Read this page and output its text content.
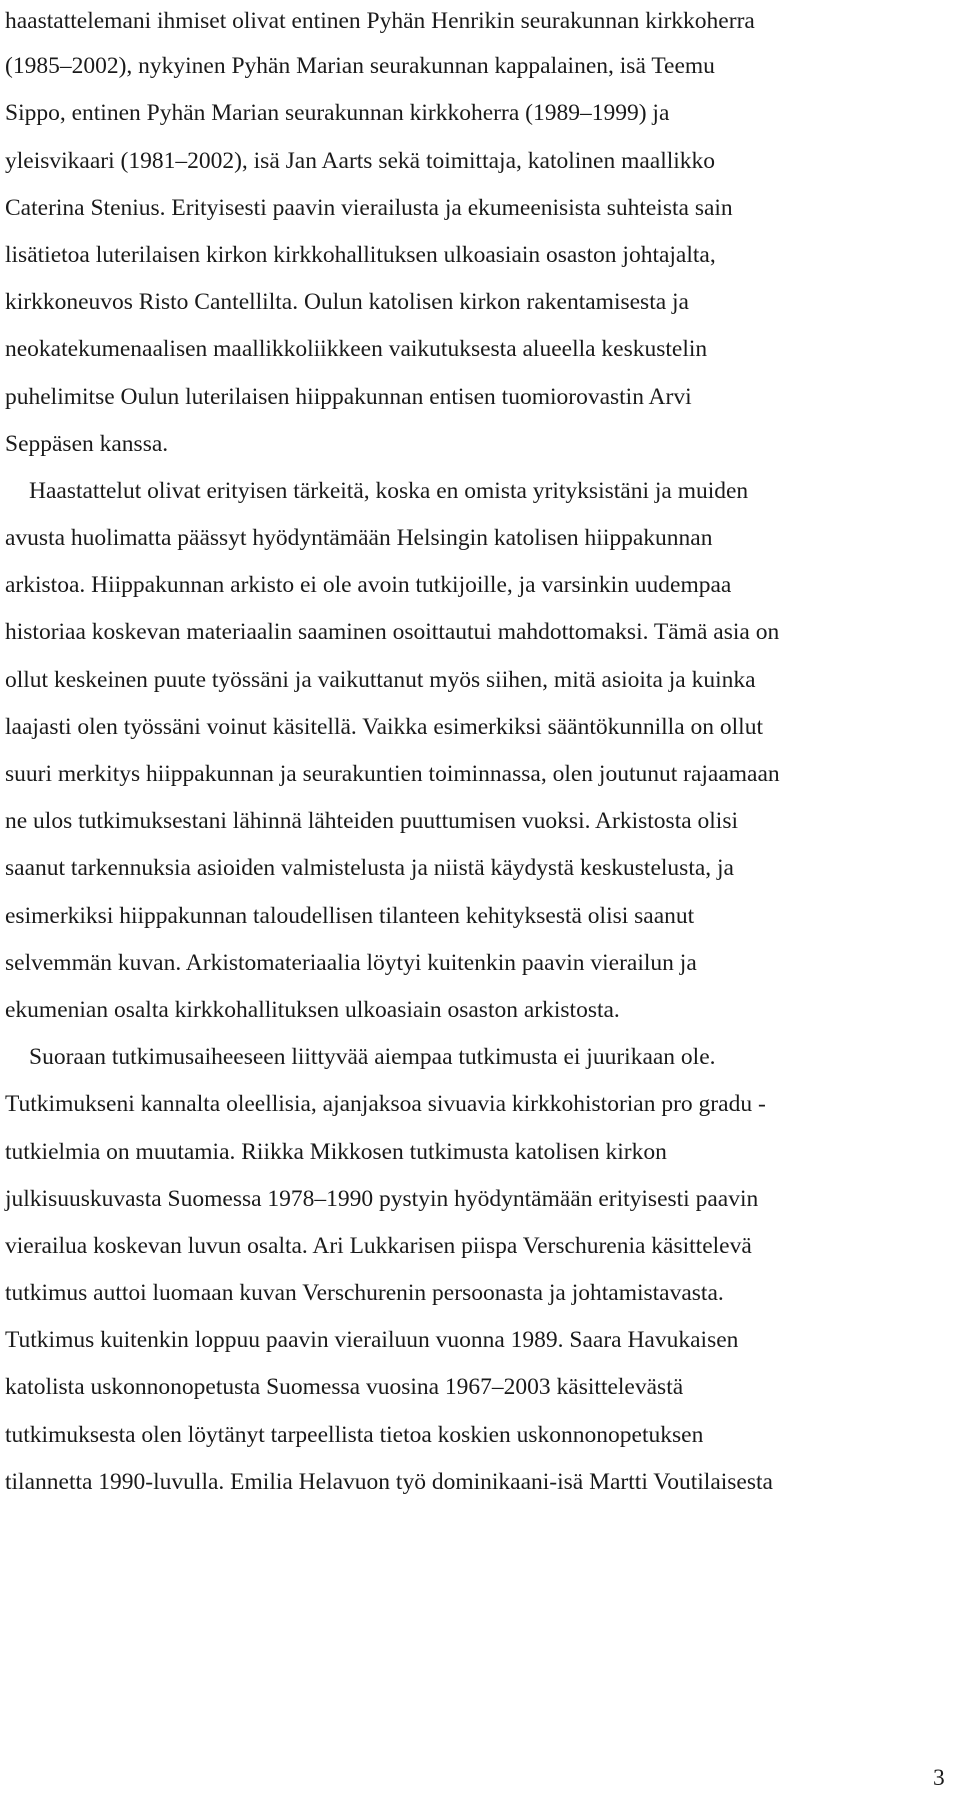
haastattelemani ihmiset olivat entinen Pyhän Henrikin seurakunnan kirkkoherra
(1985–2002), nykyinen Pyhän Marian seurakunnan kappalainen, isä Teemu
Sippo, entinen Pyhän Marian seurakunnan kirkkoherra (1989–1999) ja
yleisvikaari (1981–2002), isä Jan Aarts sekä toimittaja, katolinen maallikko
Caterina Stenius. Erityisesti paavin vierailusta ja ekumeenisista suhteista sain
lisätietoa luterilaisen kirkon kirkkohallituksen ulkoasiain osaston johtajalta,
kirkkoneuvos Risto Cantellilta. Oulun katolisen kirkon rakentamisesta ja
neokatekumenaalisen maallikkoliikkeen vaikutuksesta alueella keskustelin
puhelimitse Oulun luterilaisen hiippakunnan entisen tuomiorovastin Arvi
Seppäsen kanssa.
Haastattelut olivat erityisen tärkeitä, koska en omista yrityksistäni ja muiden
avusta huolimatta päässyt hyödyntämään Helsingin katolisen hiippakunnan
arkistoa. Hiippakunnan arkisto ei ole avoin tutkijoille, ja varsinkin uudempaa
historiaa koskevan materiaalin saaminen osoittautui mahdottomaksi. Tämä asia on
ollut keskeinen puute työssäni ja vaikuttanut myös siihen, mitä asioita ja kuinka
laajasti olen työssäni voinut käsitellä. Vaikka esimerkiksi sääntökunnilla on ollut
suuri merkitys hiippakunnan ja seurakuntien toiminnassa, olen joutunut rajaamaan
ne ulos tutkimuksestani lähinnä lähteiden puuttumisen vuoksi. Arkistosta olisi
saanut tarkennuksia asioiden valmistelusta ja niistä käydystä keskustelusta, ja
esimerkiksi hiippakunnan taloudellisen tilanteen kehityksestä olisi saanut
selvemmän kuvan. Arkistomateriaalia löytyi kuitenkin paavin vierailun ja
ekumenian osalta kirkkohallituksen ulkoasiain osaston arkistosta.
Suoraan tutkimusaiheeseen liittyvää aiempaa tutkimusta ei juurikaan ole.
Tutkimukseni kannalta oleellisia, ajanjaksoa sivuavia kirkkohistorian pro gradu -
tutkielmia on muutamia. Riikka Mikkosen tutkimusta katolisen kirkon
julkisuuskuvasta Suomessa 1978–1990 pystyin hyödyntämään erityisesti paavin
vierailua koskevan luvun osalta. Ari Lukkarisen piispa Verschurenia käsittelevä
tutkimus auttoi luomaan kuvan Verschurenin persoonasta ja johtamistavasta.
Tutkimus kuitenkin loppuu paavin vierailuun vuonna 1989. Saara Havukaisen
katolista uskonnonopetusta Suomessa vuosina 1967–2003 käsittelevästä
tutkimuksesta olen löytänyt tarpeellista tietoa koskien uskonnonopetuksen
tilannetta 1990-luvulla. Emilia Helavuon työ dominikaani-isä Martti Voutilaisesta
3
